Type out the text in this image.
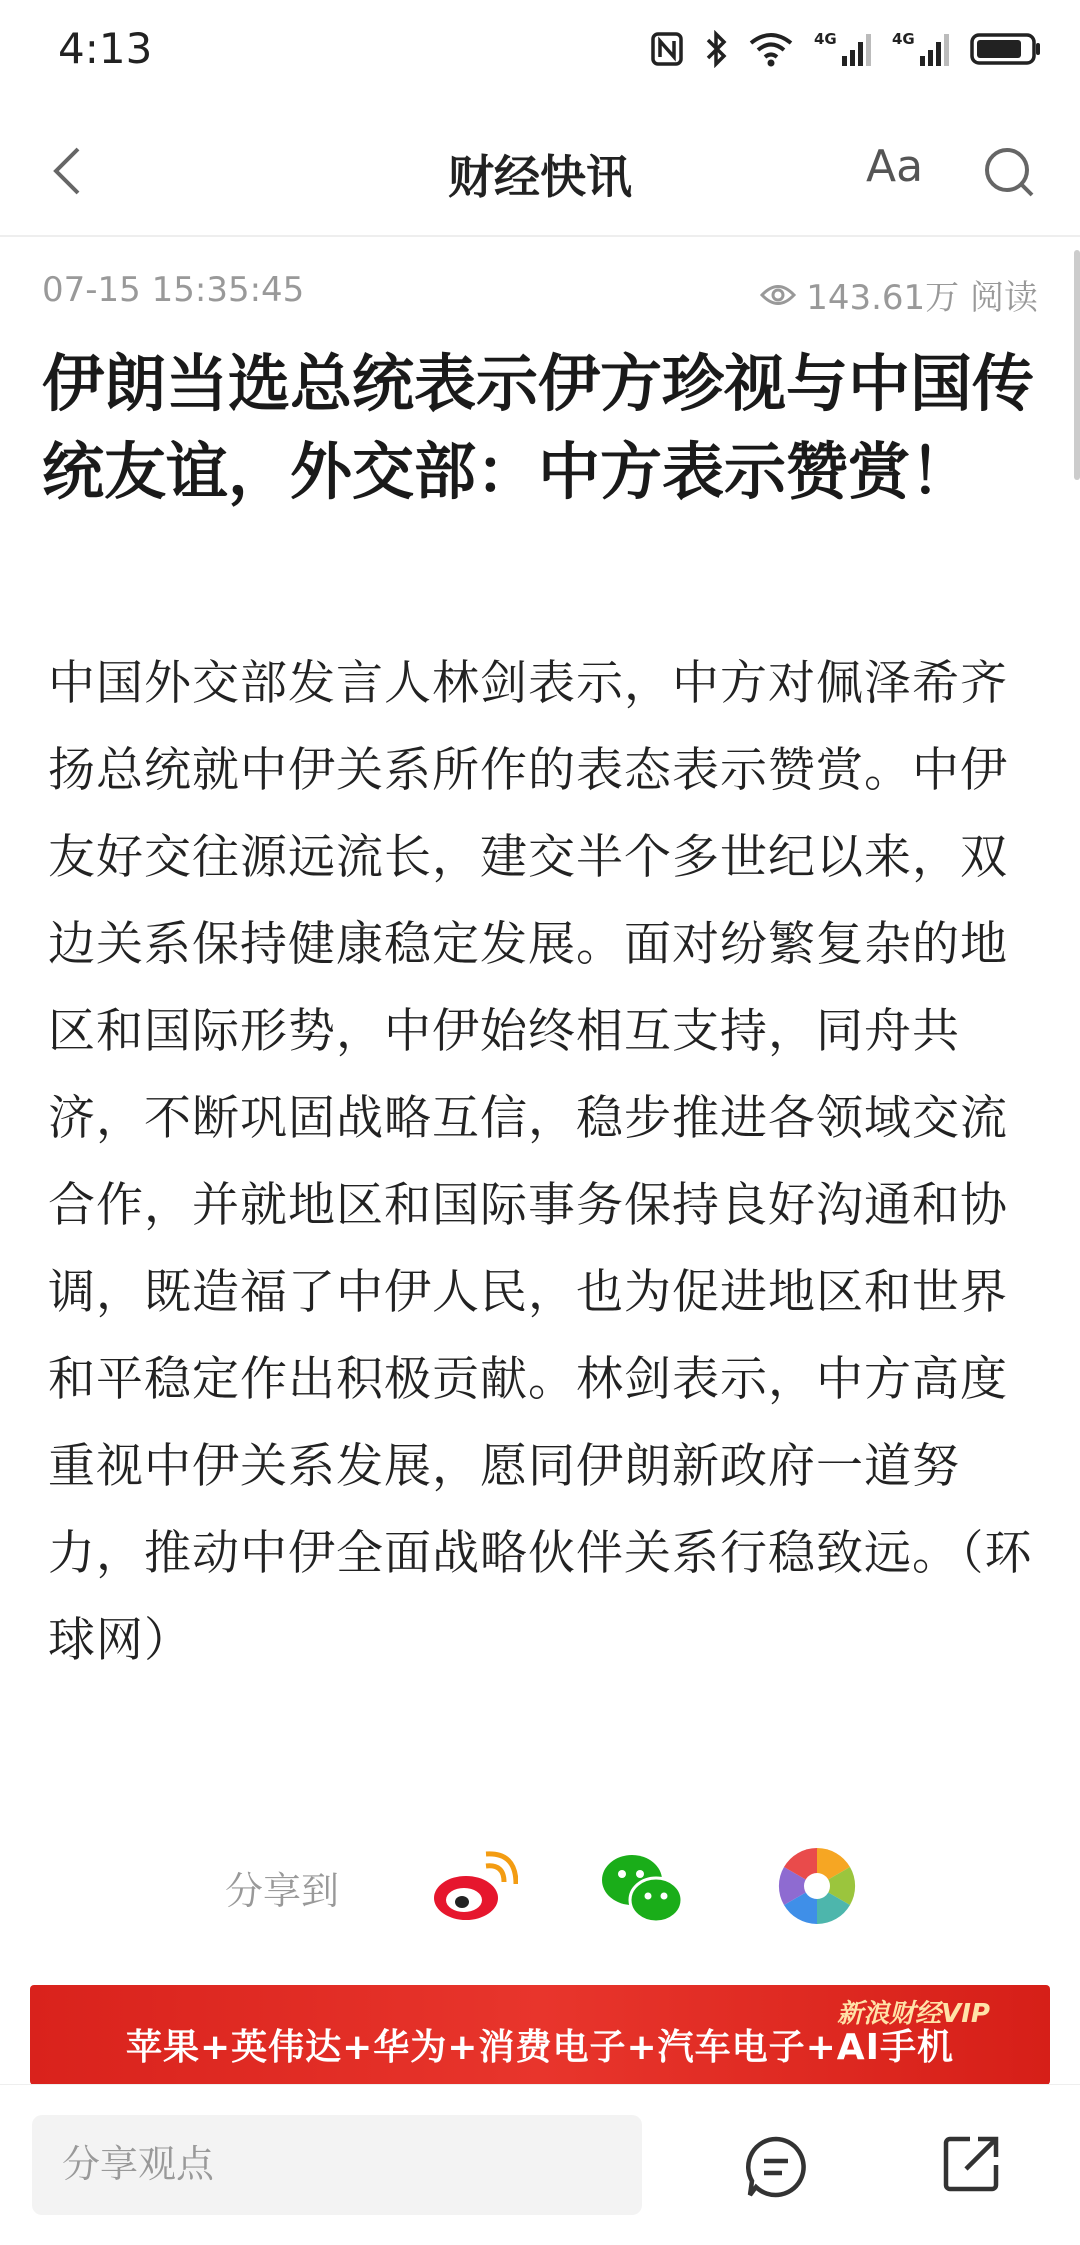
4:13	4G	4G
财经快讯	Aa
07-15 15:35:45	143.61万 阅读
伊朗当选总统表示伊方珍视与中国传统友谊，外交部：中方表示赞赏！

中国外交部发言人林剑表示，中方对佩泽希齐扬总统就中伊关系所作的表态表示赞赏。中伊友好交往源远流长，建交半个多世纪以来，双边关系保持健康稳定发展。面对纷繁复杂的地区和国际形势，中伊始终相互支持，同舟共济，不断巩固战略互信，稳步推进各领域交流合作，并就地区和国际事务保持良好沟通和协调，既造福了中伊人民，也为促进地区和世界和平稳定作出积极贡献。林剑表示，中方高度重视中伊关系发展，愿同伊朗新政府一道努力，推动中伊全面战略伙伴关系行稳致远。（环球网）

分享到
新浪财经VIP
苹果+英伟达+华为+消费电子+汽车电子+AI手机
分享观点
